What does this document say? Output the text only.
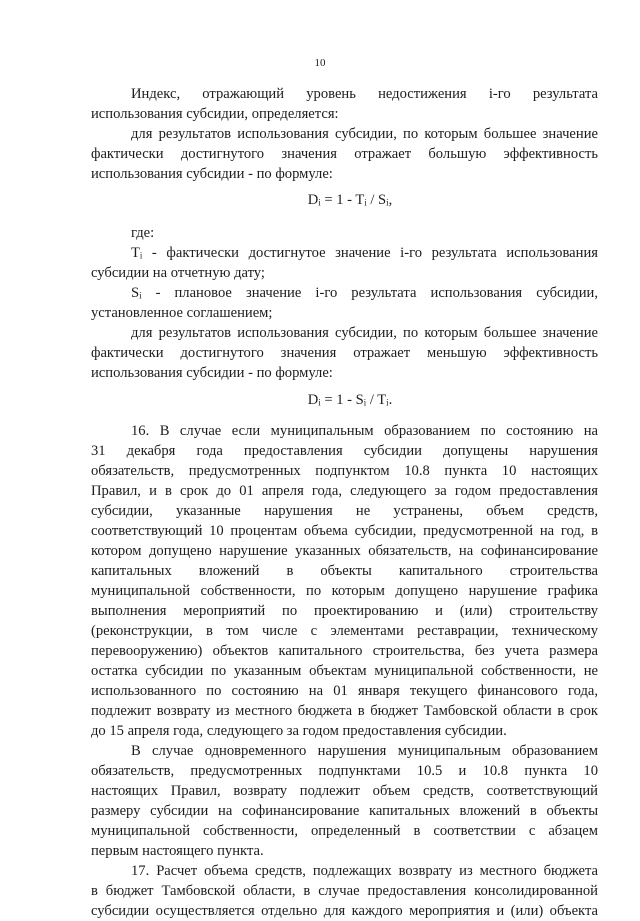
10
Индекс, отражающий уровень недостижения i-го результата
использования субсидии, определяется:
для результатов использования субсидии, по которым большее значение
фактически достигнутого значения отражает большую эффективность
использования субсидии - по формуле:
Dᵢ = 1 - Tᵢ / Sᵢ,
где:
Tᵢ - фактически достигнутое значение i-го результата использования
субсидии на отчетную дату;
Sᵢ - плановое значение i-го результата использования субсидии,
установленное соглашением;
для результатов использования субсидии, по которым большее значение
фактически достигнутого значения отражает меньшую эффективность
использования субсидии - по формуле:
Dᵢ = 1 - Sᵢ / Tᵢ.
16. В случае если муниципальным образованием по состоянию на
31 декабря года предоставления субсидии допущены нарушения
обязательств, предусмотренных подпунктом 10.8 пункта 10 настоящих
Правил, и в срок до 01 апреля года, следующего за годом предоставления
субсидии, указанные нарушения не устранены, объем средств,
соответствующий 10 процентам объема субсидии, предусмотренной на год, в
котором допущено нарушение указанных обязательств, на софинансирование
капитальных вложений в объекты капитального строительства
муниципальной собственности, по которым допущено нарушение графика
выполнения мероприятий по проектированию и (или) строительству
(реконструкции, в том числе с элементами реставрации, техническому
перевооружению) объектов капитального строительства, без учета размера
остатка субсидии по указанным объектам муниципальной собственности, не
использованного по состоянию на 01 января текущего финансового года,
подлежит возврату из местного бюджета в бюджет Тамбовской области в срок
до 15 апреля года, следующего за годом предоставления субсидии.
В случае одновременного нарушения муниципальным образованием
обязательств, предусмотренных подпунктами 10.5 и 10.8 пункта 10
настоящих Правил, возврату подлежит объем средств, соответствующий
размеру субсидии на софинансирование капитальных вложений в объекты
муниципальной собственности, определенный в соответствии с абзацем
первым настоящего пункта.
17. Расчет объема средств, подлежащих возврату из местного бюджета
в бюджет Тамбовской области, в случае предоставления консолидированной
субсидии осуществляется отдельно для каждого мероприятия и (или) объекта
